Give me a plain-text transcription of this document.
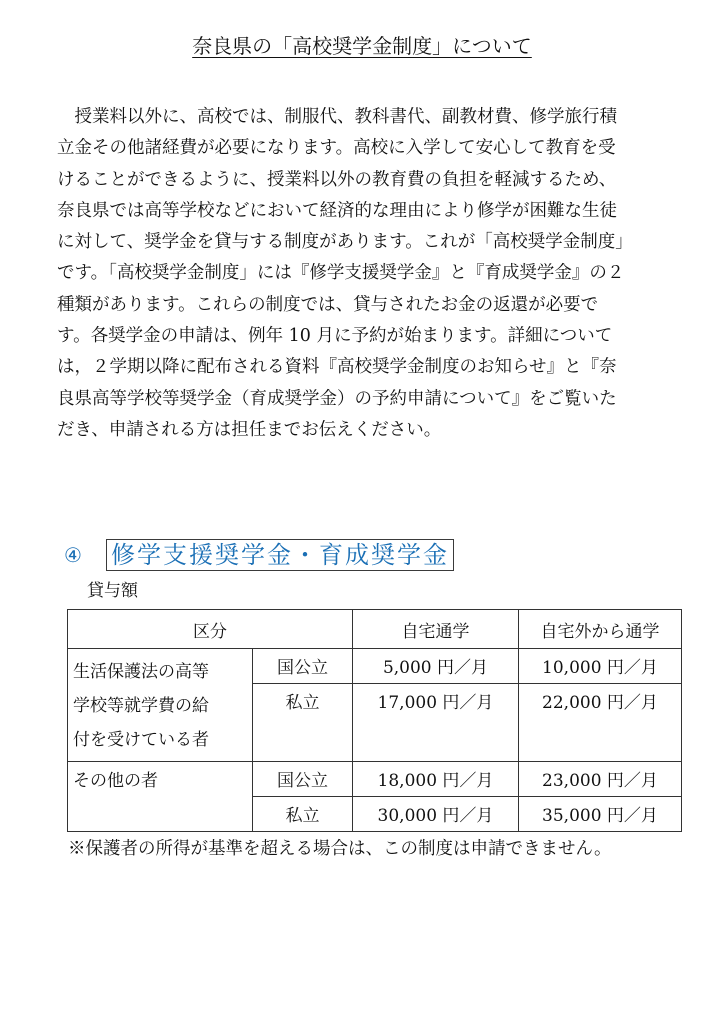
奈良県の「高校奨学金制度」について

授業料以外に、高校では、制服代、教科書代、副教材費、修学旅行積

立金その他諸経費が必要になります。高校に入学して安心して教育を受

けることができるように、授業料以外の教育費の負担を軽減するため、

奈良県では高等学校などにおいて経済的な理由により修学が困難な生徒

に対して、奨学金を貸与する制度があります。これが「高校奨学金制度」

です。「高校奨学金制度」には『修学支援奨学金』と『育成奨学金』の２

種類があります。これらの制度では、貸与されたお金の返還が必要で

す。各奨学金の申請は、例年 10 月に予約が始まります。詳細について

は，２学期以降に配布される資料『高校奨学金制度のお知らせ』と『奈

良県高等学校等奨学金（育成奨学金）の予約申請について』をご覧いた

だき、申請される方は担任までお伝えください。

④ 修学支援奨学金・育成奨学金
貸与額
区分		自宅通学	自宅外から通学

生活保護法の高等
学校等就学費の給
付を受けている者	国公立	5,000 円／月	10,000 円／月
	私立	17,000 円／月	22,000 円／月
その他の者	国公立	18,000 円／月	23,000 円／月
	私立	30,000 円／月	35,000 円／月
※保護者の所得が基準を超える場合は、この制度は申請できません。
